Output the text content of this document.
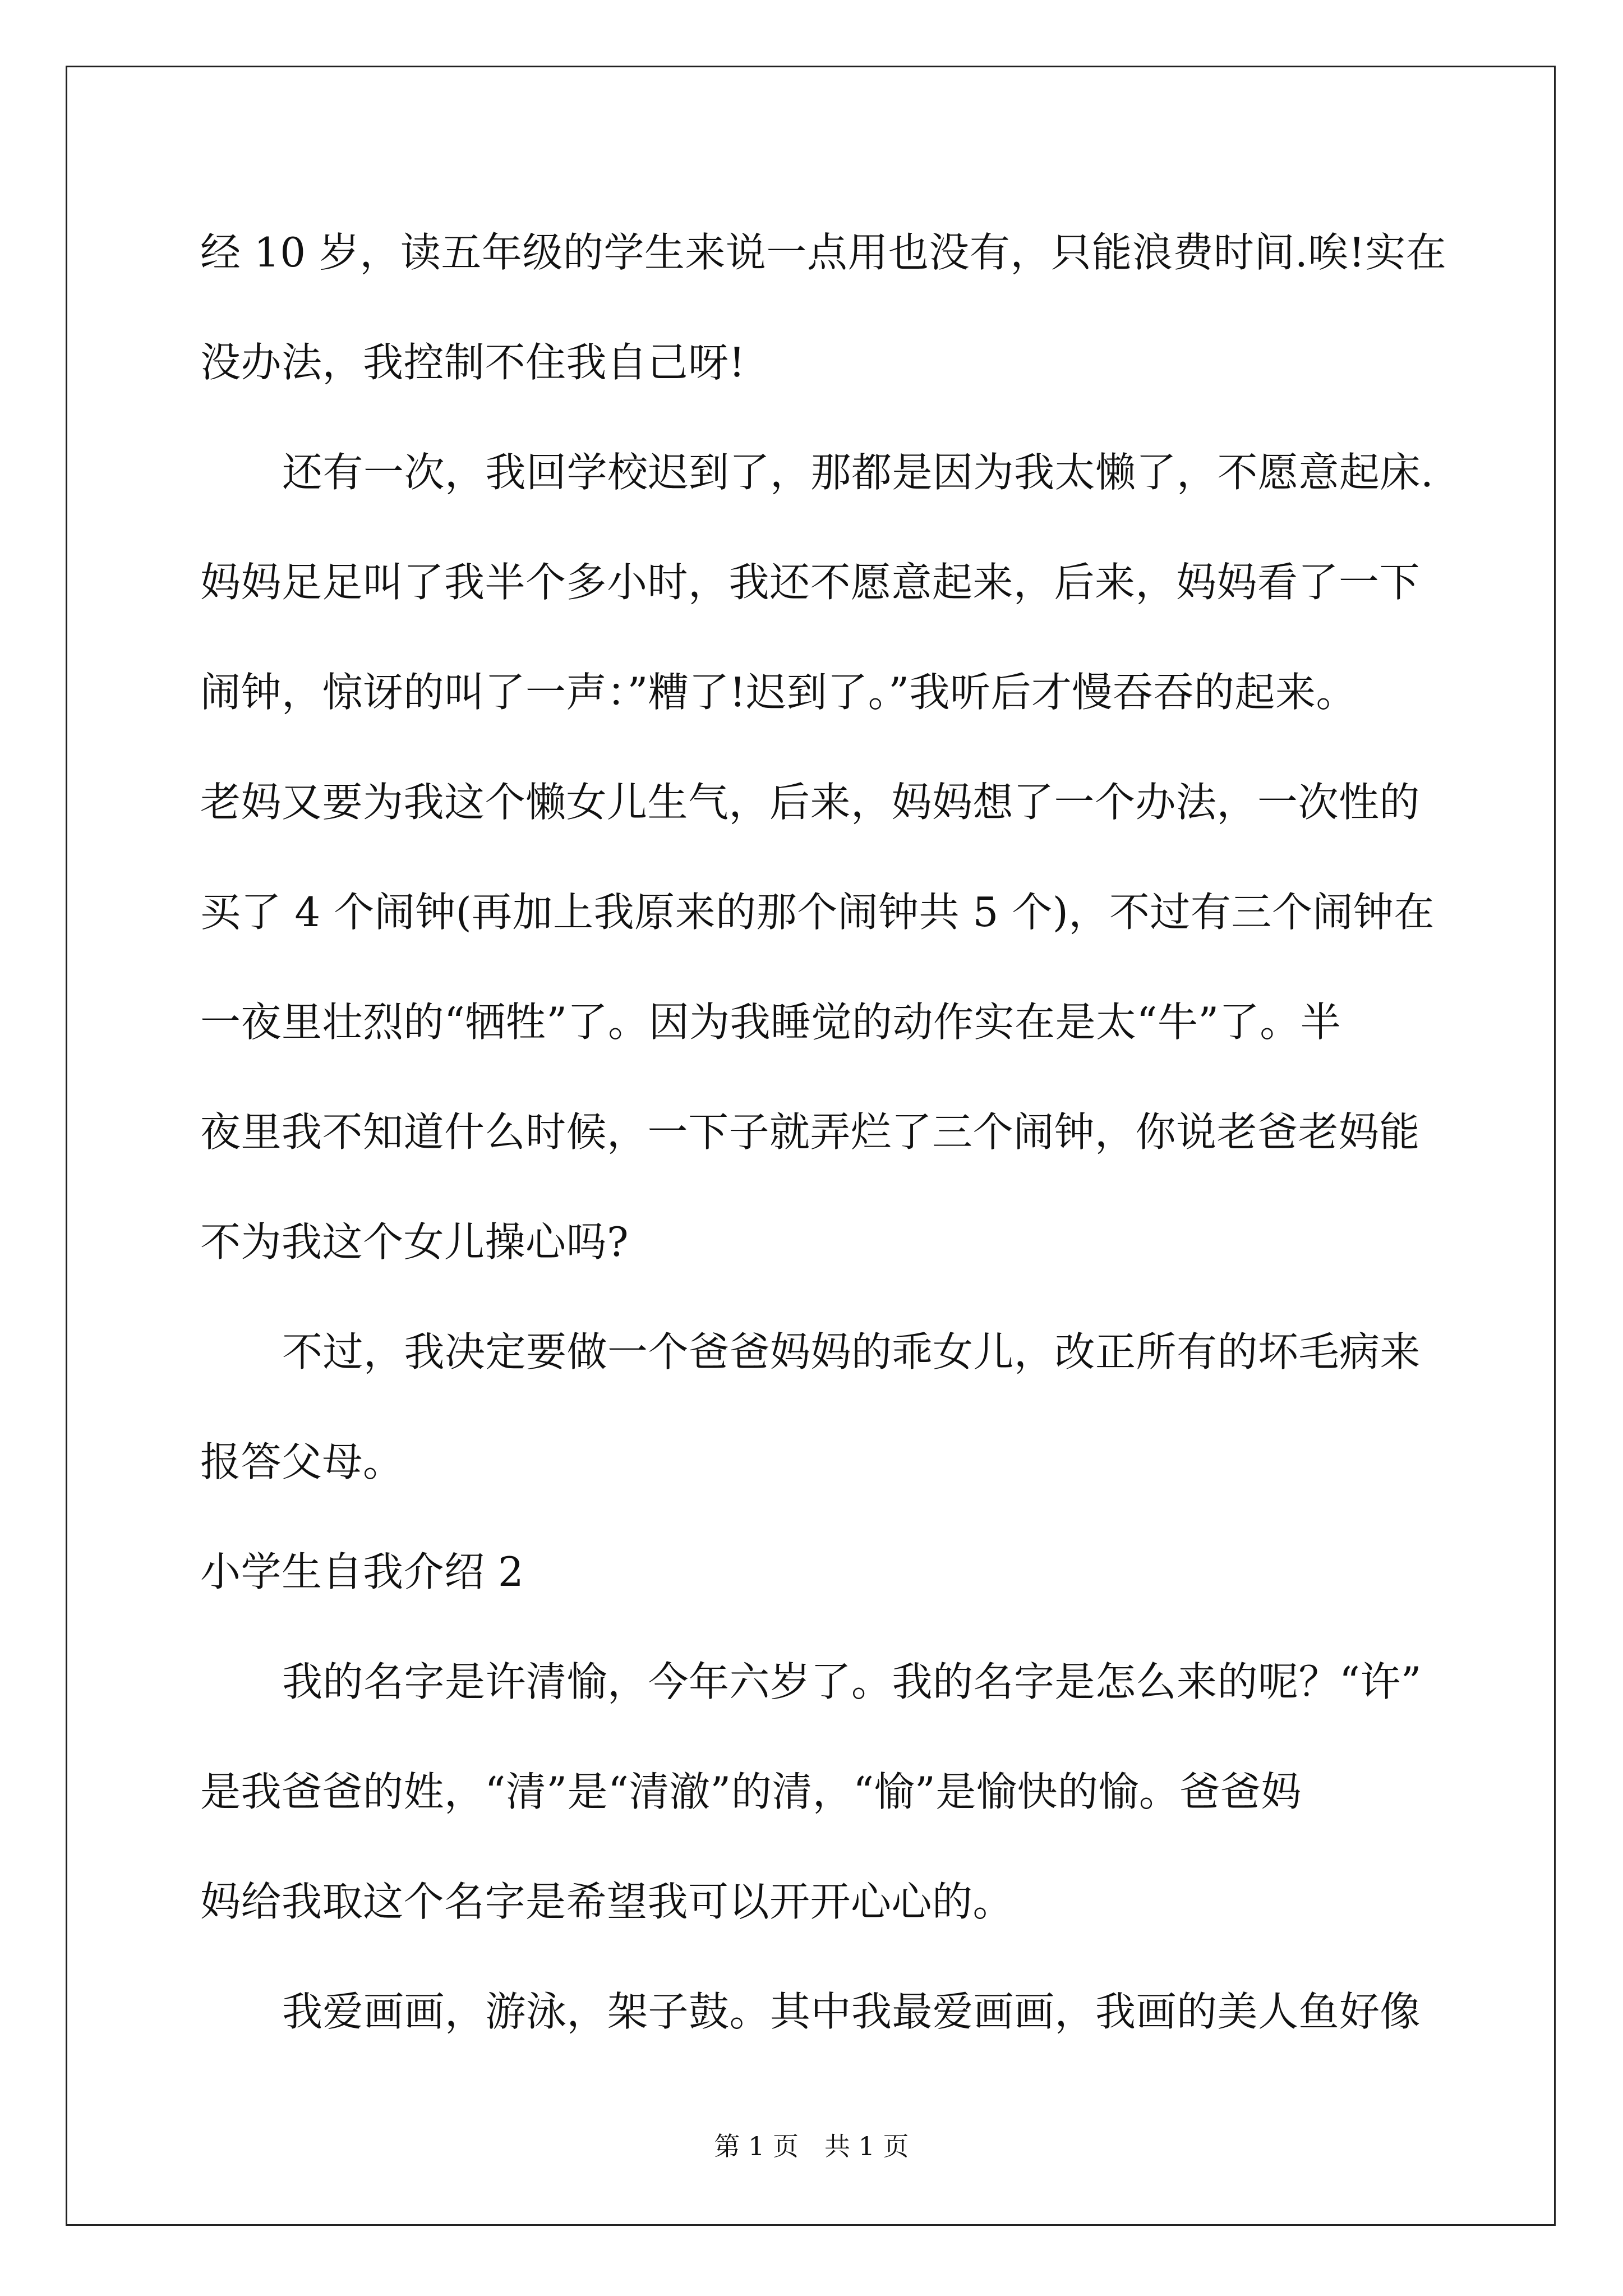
经 10 岁，读五年级的学生来说一点用也没有，只能浪费时间.唉!实在
没办法，我控制不住我自己呀!
还有一次，我回学校迟到了，那都是因为我太懒了，不愿意起床.
妈妈足足叫了我半个多小时，我还不愿意起来，后来，妈妈看了一下
闹钟，惊讶的叫了一声：”糟了!迟到了。”我听后才慢吞吞的起来。
老妈又要为我这个懒女儿生气，后来，妈妈想了一个办法，一次性的
买了 4 个闹钟(再加上我原来的那个闹钟共 5 个)，不过有三个闹钟在
一夜里壮烈的“牺牲”了。因为我睡觉的动作实在是太“牛”了。半
夜里我不知道什么时候，一下子就弄烂了三个闹钟，你说老爸老妈能
不为我这个女儿操心吗?
不过，我决定要做一个爸爸妈妈的乖女儿，改正所有的坏毛病来
报答父母。
小学生自我介绍 2
我的名字是许清愉，今年六岁了。我的名字是怎么来的呢？“许”
是我爸爸的姓，“清”是“清澈”的清，“愉”是愉快的愉。爸爸妈
妈给我取这个名字是希望我可以开开心心的。
我爱画画，游泳，架子鼓。其中我最爱画画，我画的美人鱼好像
第 1 页　共 1 页
